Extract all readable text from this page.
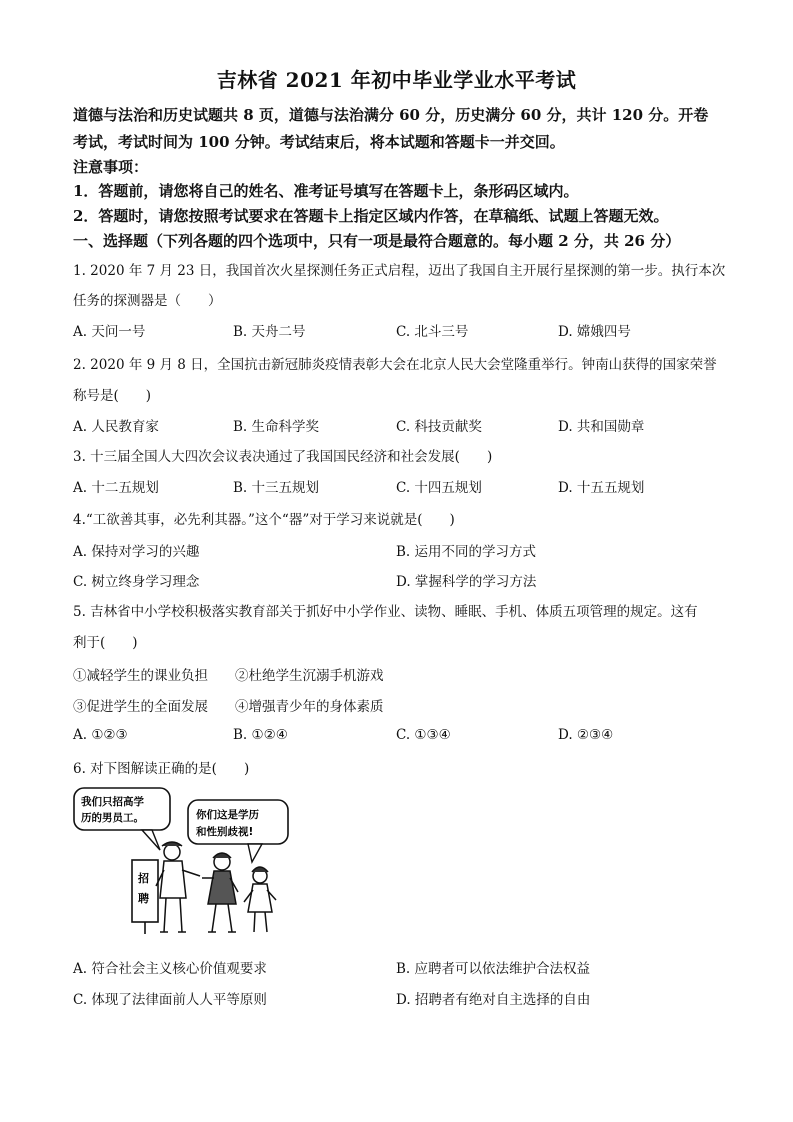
吉林省 2021 年初中毕业学业水平考试
道德与法治和历史试题共 8 页，道德与法治满分 60 分，历史满分 60 分，共计 120 分。开卷
考试，考试时间为 100 分钟。考试结束后，将本试题和答题卡一并交回。
注意事项：
1．答题前，请您将自己的姓名、准考证号填写在答题卡上，条形码区域内。
2．答题时，请您按照考试要求在答题卡上指定区域内作答，在草稿纸、试题上答题无效。
一、选择题（下列各题的四个选项中，只有一项是最符合题意的。每小题 2 分，共 26 分）
1. 2020 年 7 月 23 日，我国首次火星探测任务正式启程，迈出了我国自主开展行星探测的第一步。执行本次
任务的探测器是（　　）
A. 天问一号	B. 天舟二号	C. 北斗三号	D. 嫦娥四号
2. 2020 年 9 月 8 日，全国抗击新冠肺炎疫情表彰大会在北京人民大会堂隆重举行。钟南山获得的国家荣誉
称号是(　　)
A. 人民教育家	B. 生命科学奖	C. 科技贡献奖	D. 共和国勋章
3. 十三届全国人大四次会议表决通过了我国国民经济和社会发展(　　)
A. 十二五规划	B. 十三五规划	C. 十四五规划	D. 十五五规划
4.“工欲善其事，必先利其器。”这个“器”对于学习来说就是(　　)
A. 保持对学习的兴趣	B. 运用不同的学习方式
C. 树立终身学习理念	D. 掌握科学的学习方法
5. 吉林省中小学校积极落实教育部关于抓好中小学作业、读物、睡眠、手机、体质五项管理的规定。这有
利于(　　)
①减轻学生的课业负担　　②杜绝学生沉溺手机游戏
③促进学生的全面发展　　④增强青少年的身体素质
A. ①②③	B. ①②④	C. ①③④	D. ②③④
6. 对下图解读正确的是(　　)
我们只招高学
历的男员工。	你们这是学历
和性别歧视!
招
聘
A. 符合社会主义核心价值观要求	B. 应聘者可以依法维护合法权益
C. 体现了法律面前人人平等原则	D. 招聘者有绝对自主选择的自由
